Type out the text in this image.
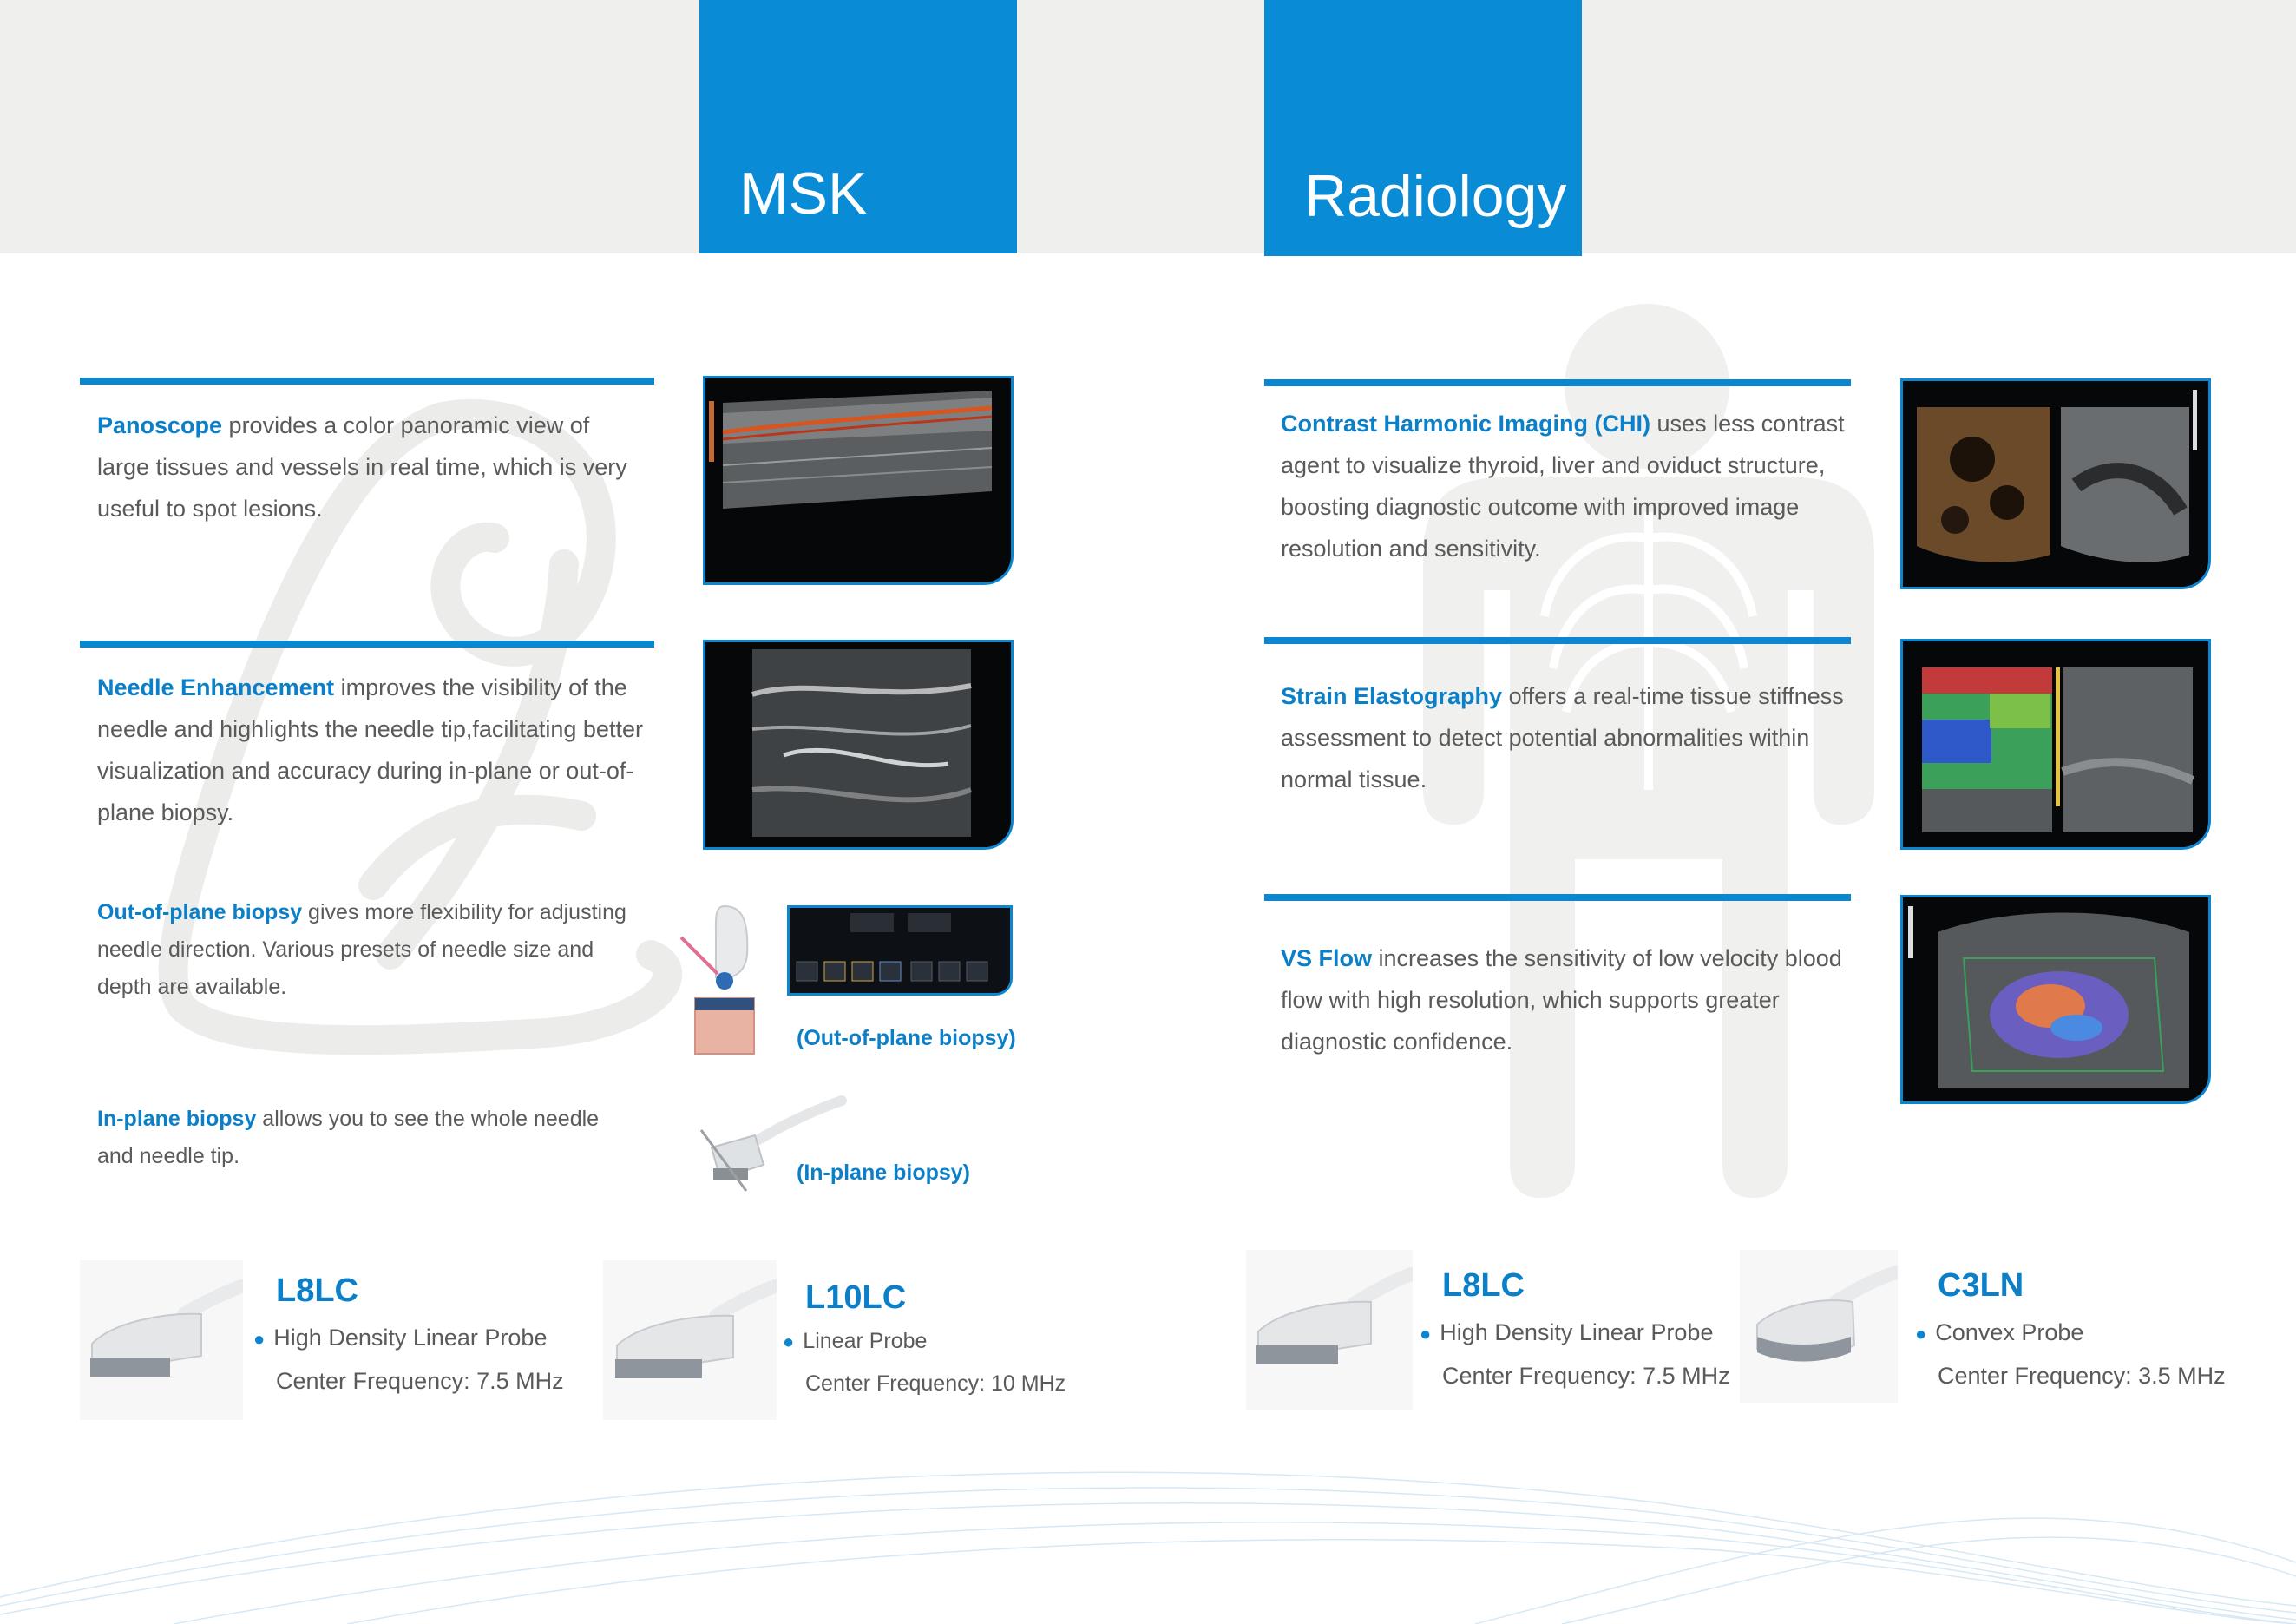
MSK	Radiology
Panoscope provides a color panoramic view of large tissues and vessels in real time, which is very useful to spot lesions.
Needle Enhancement improves the visibility of the needle and highlights the needle tip,facilitating better visualization and accuracy during in-plane or out-of-plane biopsy.
Out-of-plane biopsy gives more flexibility for adjusting needle direction. Various presets of needle size and depth are available.
(Out-of-plane biopsy)
In-plane biopsy allows you to see the whole needle and needle tip.
(In-plane biopsy)
Contrast Harmonic Imaging (CHI) uses less contrast agent to visualize thyroid, liver and oviduct structure, boosting diagnostic outcome with improved image resolution and sensitivity.
Strain Elastography offers a real-time tissue stiffness assessment to detect potential abnormalities within normal tissue.
VS Flow increases the sensitivity of low velocity blood flow with high resolution, which supports greater diagnostic confidence.
L8LC
● High Density Linear Probe
Center Frequency: 7.5 MHz
L10LC
● Linear Probe
Center Frequency: 10 MHz
L8LC
● High Density Linear Probe
Center Frequency: 7.5 MHz
C3LN
● Convex Probe
Center Frequency: 3.5 MHz
